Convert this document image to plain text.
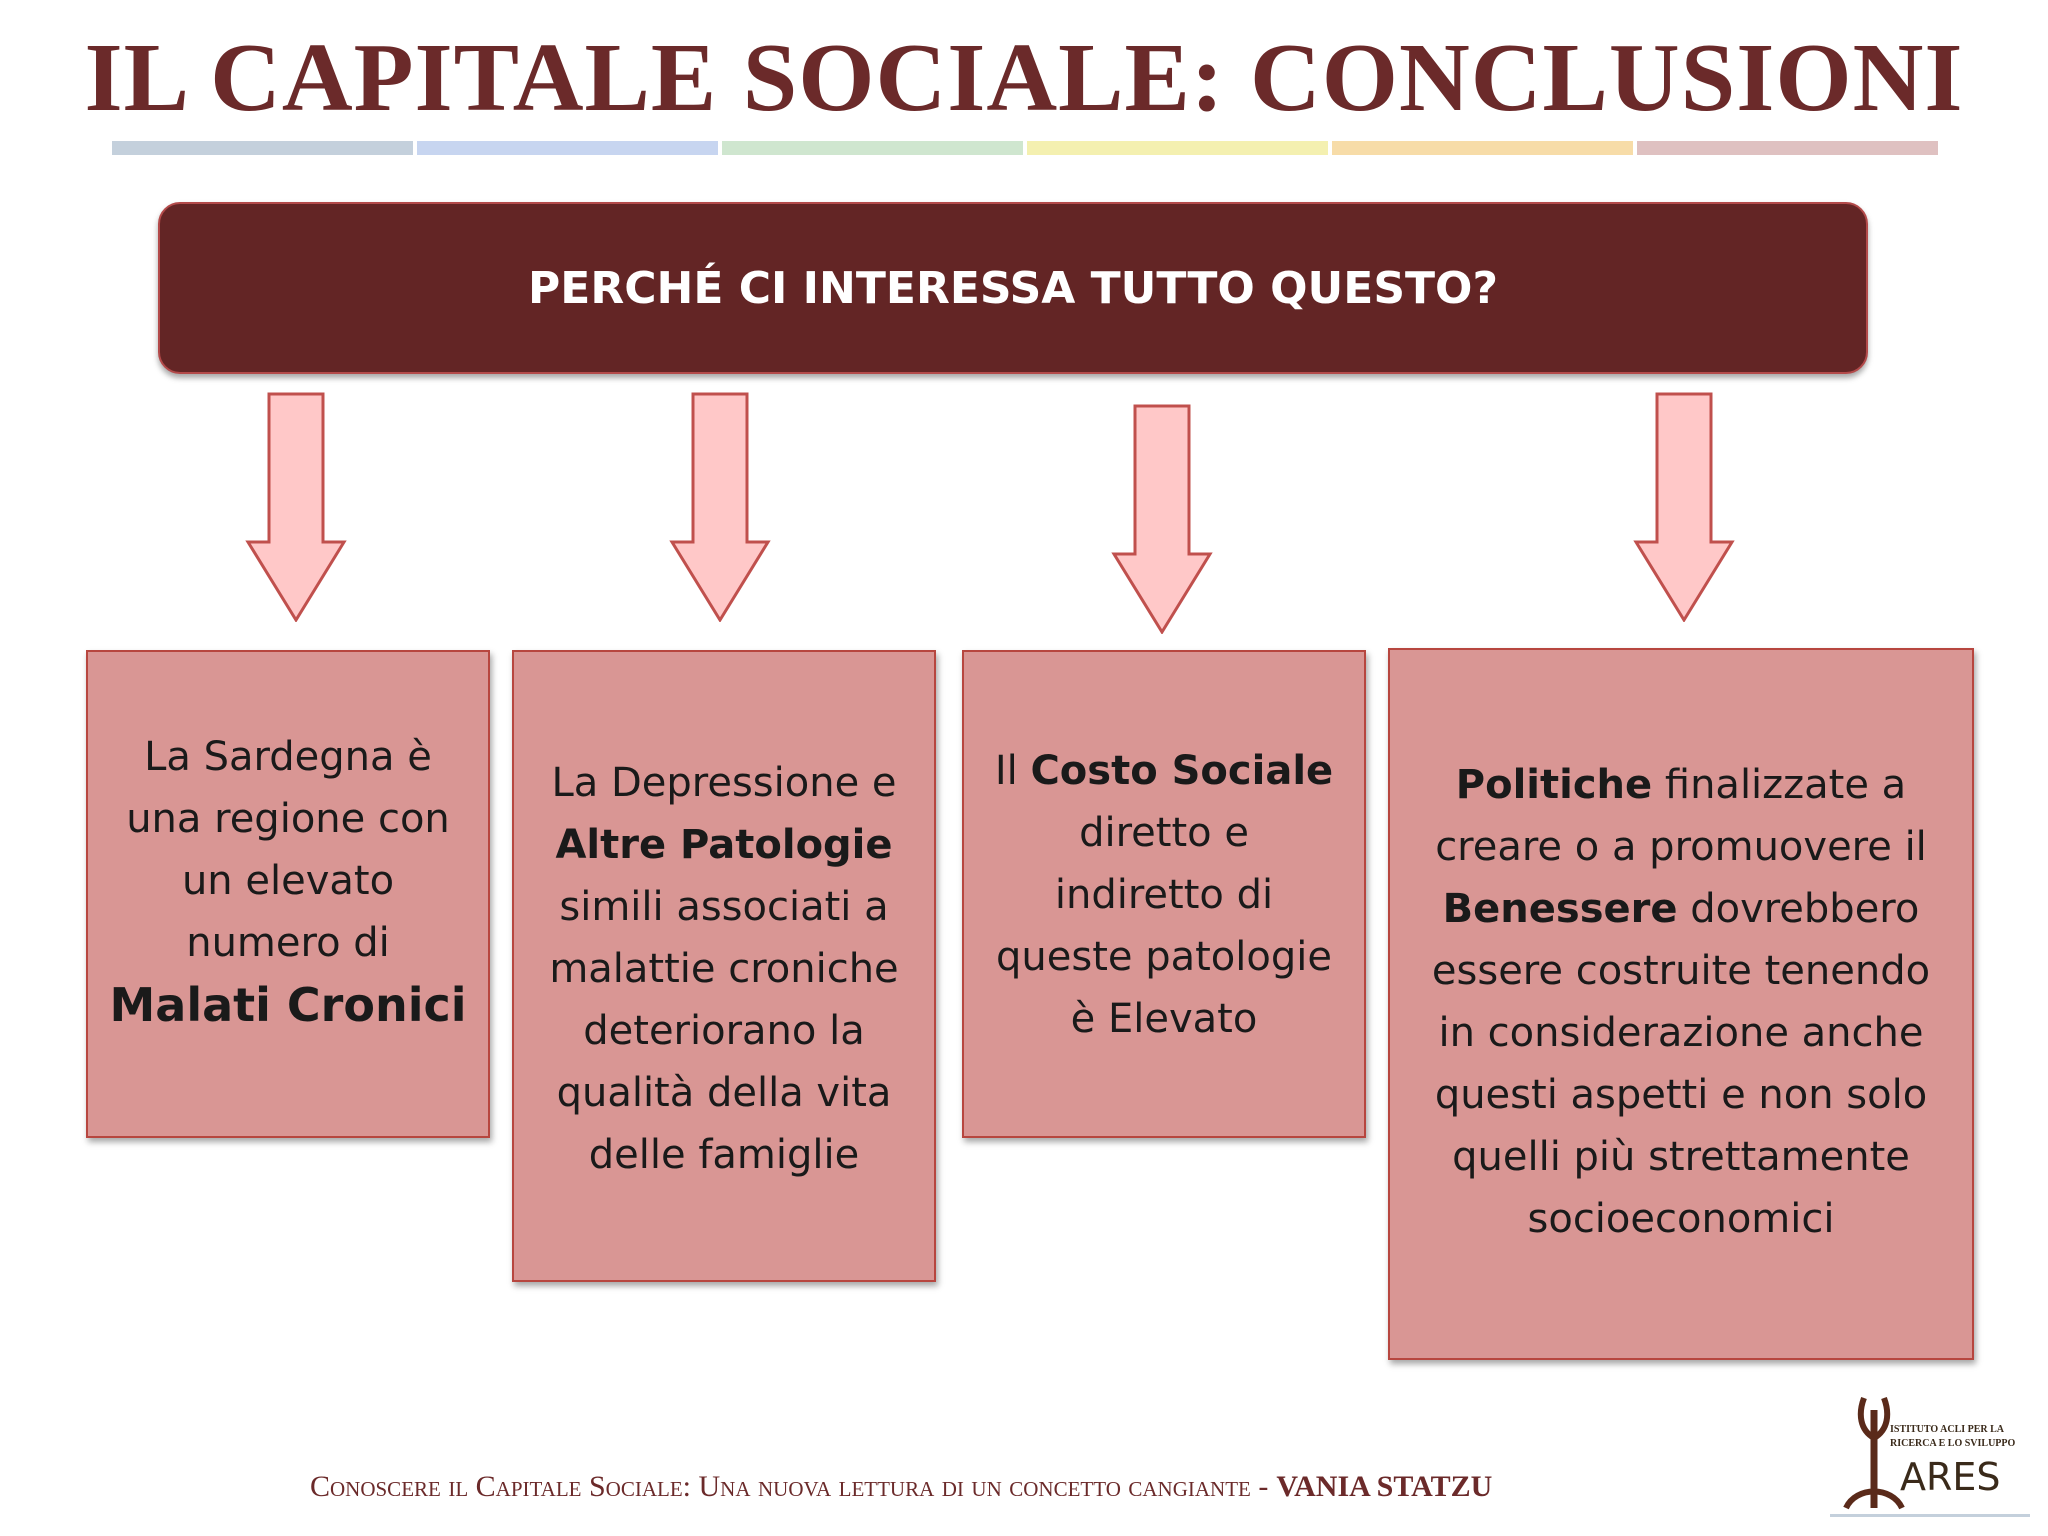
IL CAPITALE SOCIALE: CONCLUSIONI
PERCHÉ CI INTERESSA TUTTO QUESTO?

La Sardegna è

una regione con

un elevato

numero di

Malati Cronici

La Depressione e

Altre Patologie

simili associati a

malattie croniche

deteriorano la

qualità della vita

delle famiglie

Il Costo Sociale

diretto e

indiretto di

queste patologie

è Elevato

Politiche finalizzate a

creare o a promuovere il

Benessere dovrebbero

essere costruite tenendo

in considerazione anche

questi aspetti e non solo

quelli più strettamente

socioeconomici

Conoscere il Capitale Sociale: Una nuova lettura di un concetto cangiante - VANIA STATZU
ISTITUTO ACLI PER LA
RICERCA E LO SVILUPPO
ARES
